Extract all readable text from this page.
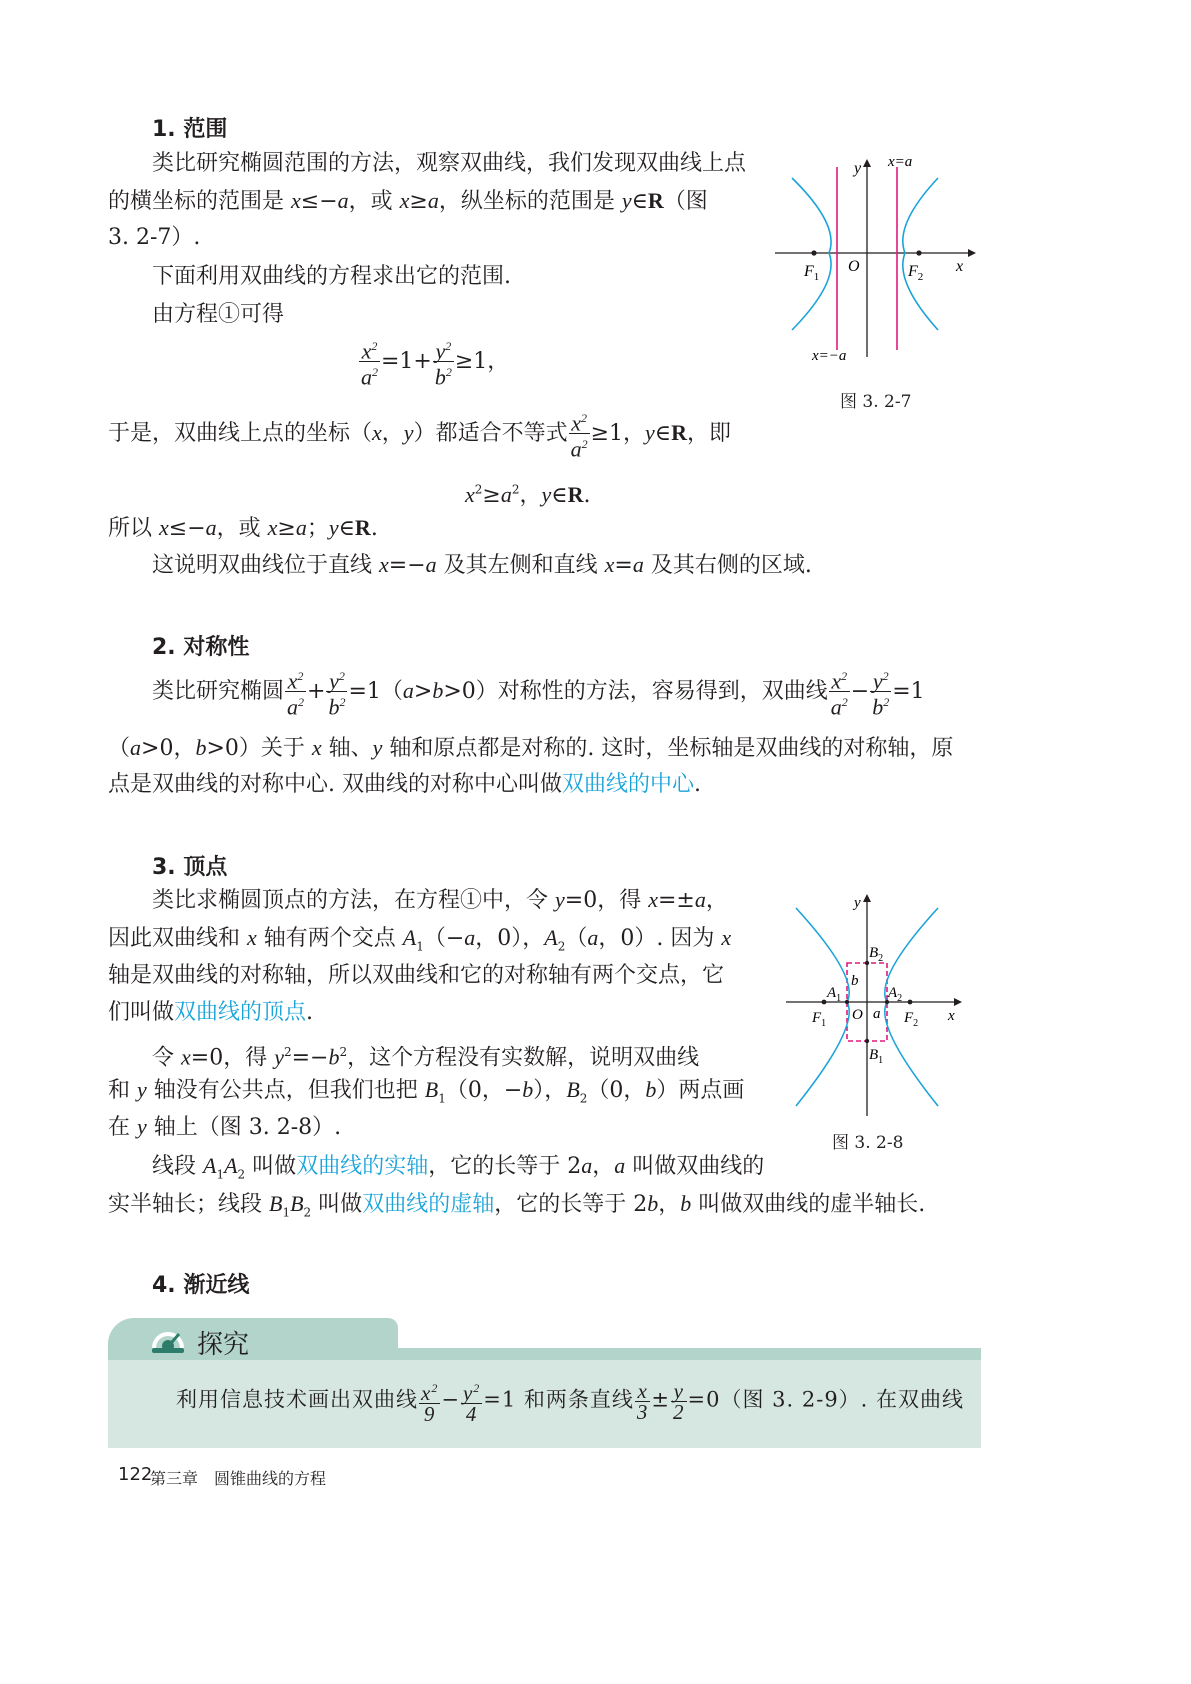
1. 范围
类比研究椭圆范围的方法，观察双曲线，我们发现双曲线上点
的横坐标的范围是 x≤−a，或 x≥a，纵坐标的范围是 y∈R（图
3. 2-7）.
下面利用双曲线的方程求出它的范围.
由方程①可得
$\frac{x^2}{a^2} =1+ \frac{y^2}{b^2} \ge 1$，
于是，双曲线上点的坐标（x，y）都适合不等式 $\frac{x^2}{a^2} \ge 1$，y∈R，即
$x^2\ge a^2$，y∈R.
所以 x≤−a，或 x≥a；y∈R.
这说明双曲线位于直线 x=−a 及其左侧和直线 x=a 及其右侧的区域.
x
y
O
$F_1$	$F_2$
x=a
x=−a
图 3. 2-7
2. 对称性
类比研究椭圆 $\frac{x^2}{a^2} + \frac{y^2}{b^2} =1(a>b>0)$对称性的方法，容易得到，双曲线 $\frac{x^2}{a^2} - \frac{y^2}{b^2} =1$
（a>0，b>0）关于 x 轴、y 轴和原点都是对称的. 这时，坐标轴是双曲线的对称轴，原
点是双曲线的对称中心. 双曲线的对称中心叫做双曲线的中心.
3. 顶点
类比求椭圆顶点的方法，在方程①中，令 y=0，得 x=±a，
因此双曲线和 x 轴有两个交点 $A_1(-a$，0），$A_2(a$，0）. 因为 x
轴是双曲线的对称轴，所以双曲线和它的对称轴有两个交点，它
们叫做双曲线的顶点.
令 x=0，得 $y^2=-b^2$，这个方程没有实数解，说明双曲线
和 y 轴没有公共点，但我们也把 $B_1(0$，−b），$B_2(0$，b）两点画
在 y 轴上（图 3. 2-8）.
线段 $A_1A_2$ 叫做双曲线的实轴，它的长等于 2a，a 叫做双曲线的
实半轴长；线段 $B_1B_2$ 叫做双曲线的虚轴，它的长等于 2b，b 叫做双曲线的虚半轴长.
x
y
O
$A_1$	$A_2$
$B_2$
$B_1$
$F_1$	$F_2$
a
b
图 3. 2-8
4. 渐近线
探究
利用信息技术画出双曲线 $\frac{x^2}{9} - \frac{y^2}{4} =1$ 和两条直线 $\frac{x}{3} \pm \frac{y}{2} =0$（图 3. 2-9）. 在双曲线
122
第三章　圆锥曲线的方程
